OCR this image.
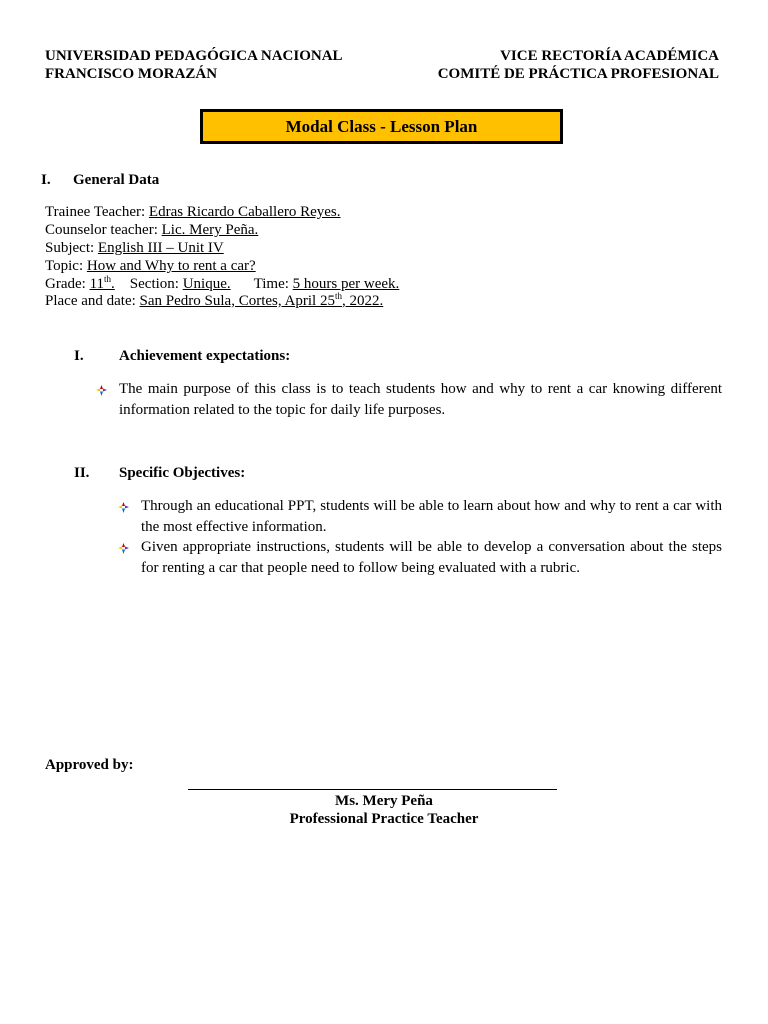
UNIVERSIDAD PEDAGÓGICA NACIONAL
FRANCISCO MORAZÁN
VICE RECTORÍA ACADÉMICA
COMITÉ DE PRÁCTICA PROFESIONAL
Modal Class - Lesson Plan
I. General Data
Trainee Teacher: Edras Ricardo Caballero Reyes.
Counselor teacher: Lic. Mery Peña.
Subject: English III – Unit IV
Topic: How and Why to rent a car?
Grade: 11th. Section: Unique. Time: 5 hours per week.
Place and date: San Pedro Sula, Cortes, April 25th, 2022.
I. Achievement expectations:
The main purpose of this class is to teach students how and why to rent a car knowing different information related to the topic for daily life purposes.
II. Specific Objectives:
Through an educational PPT, students will be able to learn about how and why to rent a car with the most effective information.
Given appropriate instructions, students will be able to develop a conversation about the steps for renting a car that people need to follow being evaluated with a rubric.
Approved by:
Ms. Mery Peña
Professional Practice Teacher
